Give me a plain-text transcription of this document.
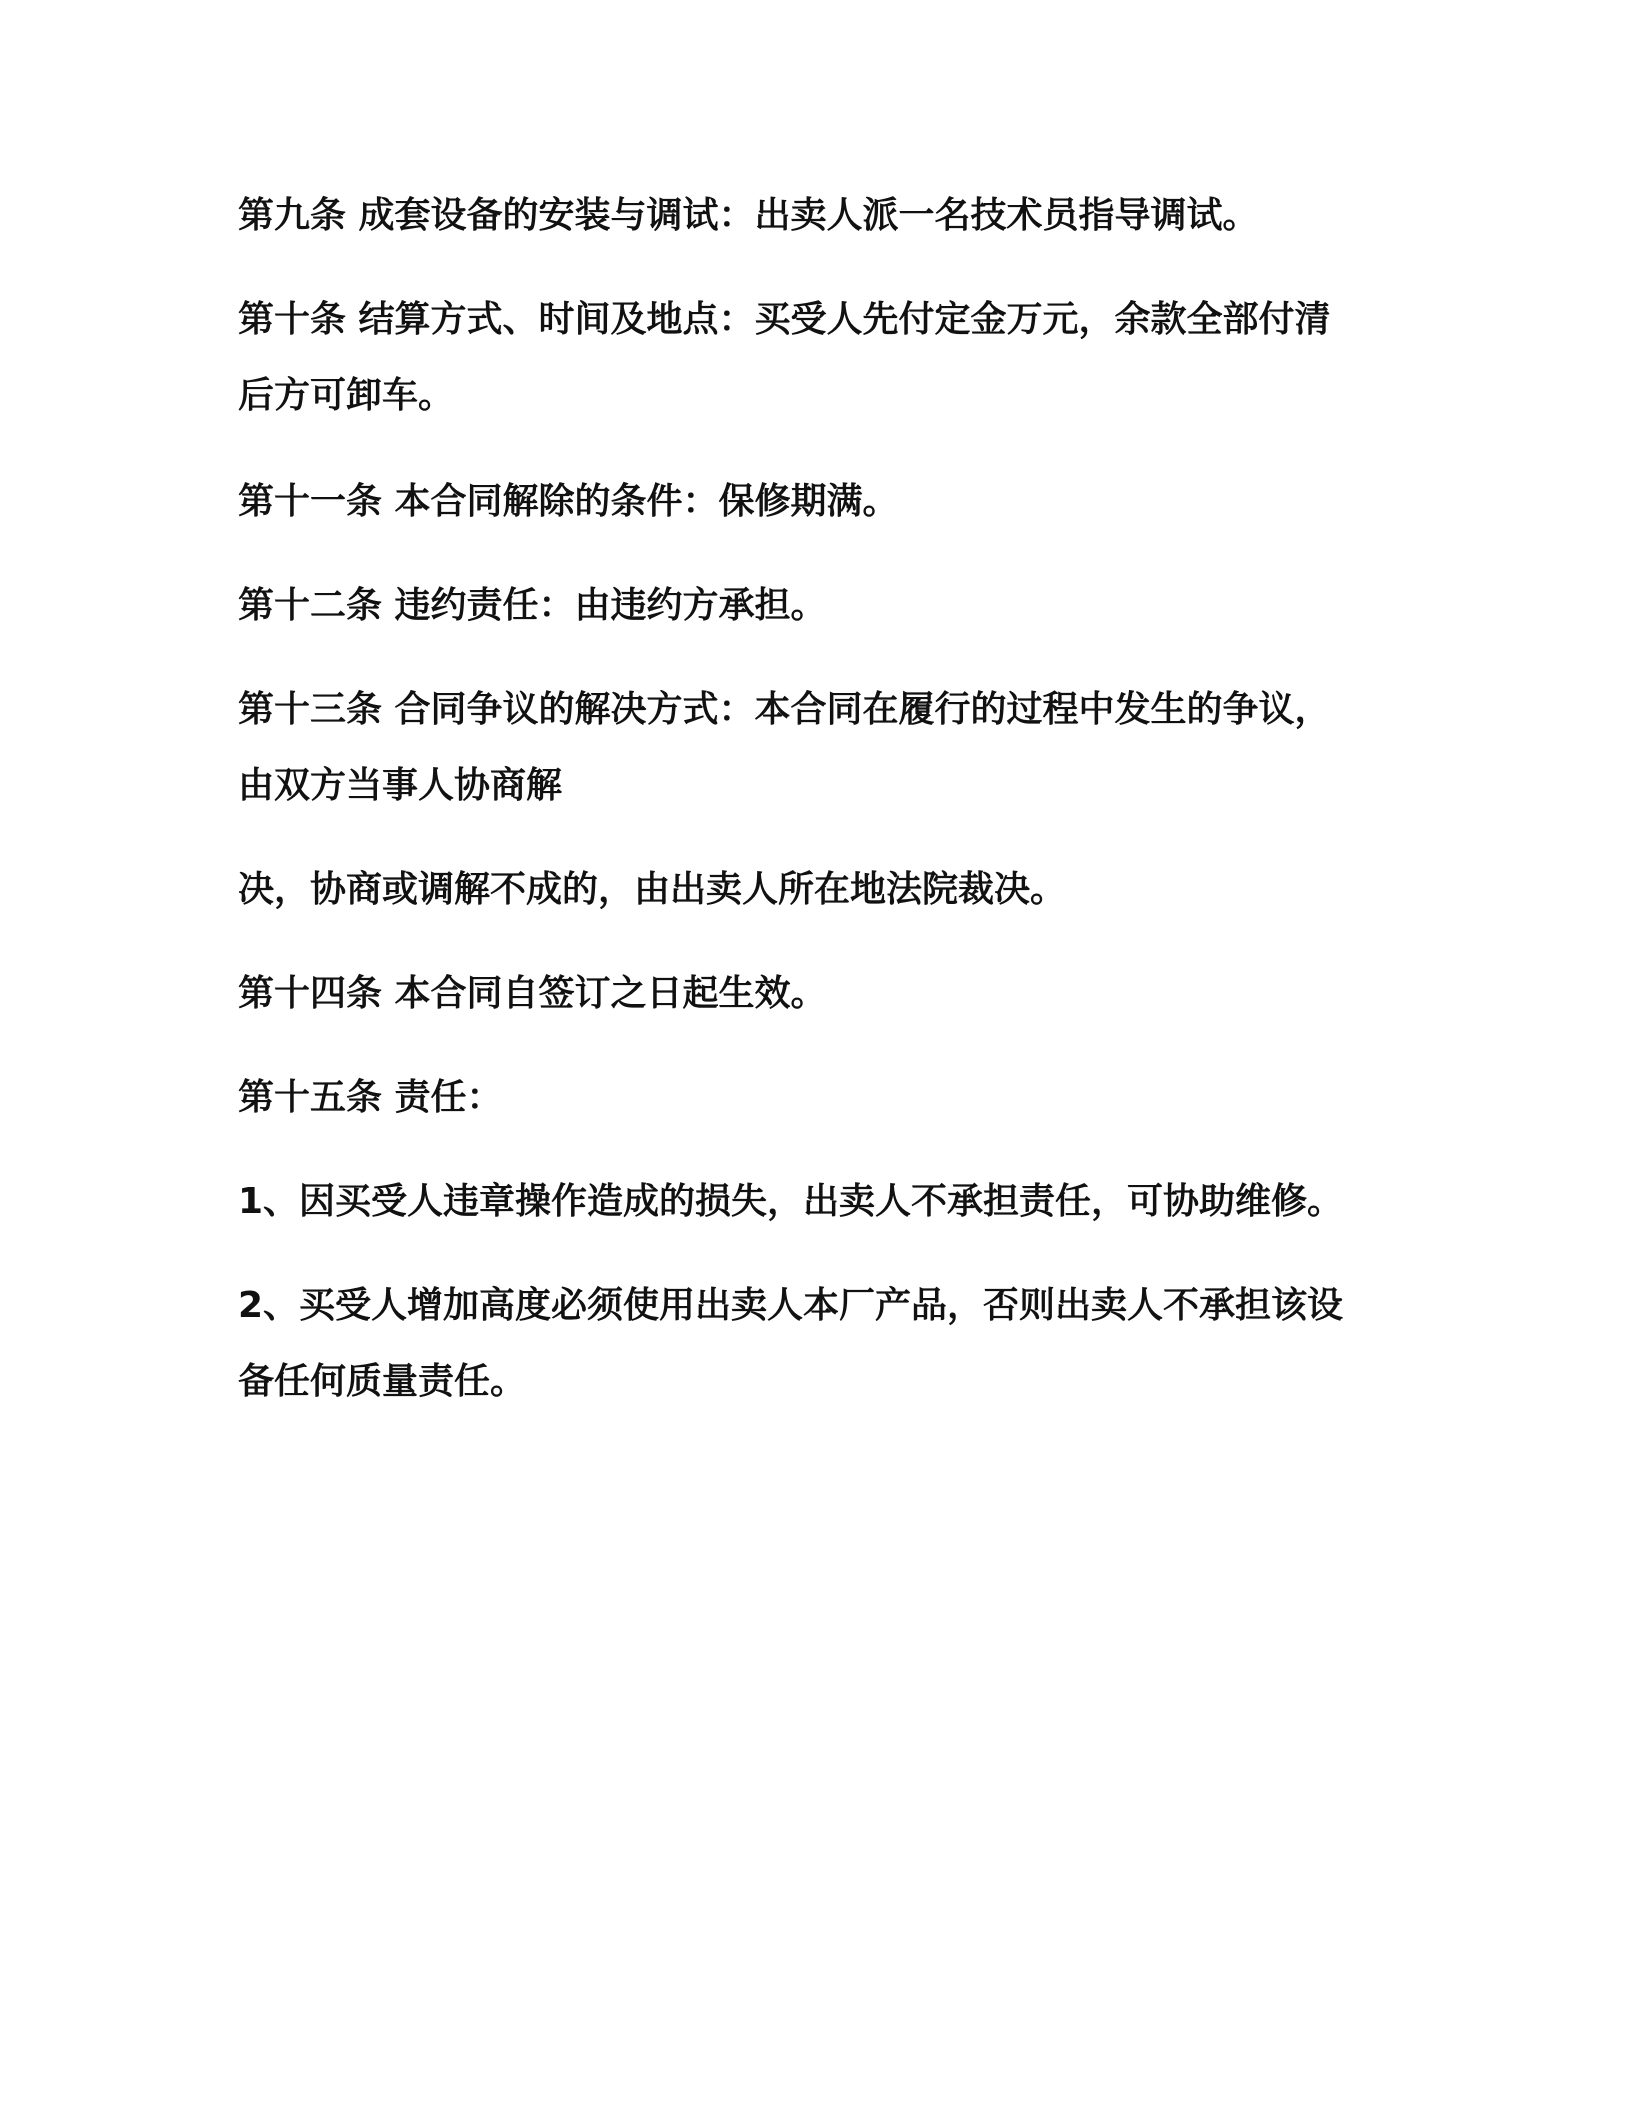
第九条 成套设备的安装与调试：出卖人派一名技术员指导调试。

第十条 结算方式、时间及地点：买受人先付定金万元，余款全部付清

后方可卸车。

第十一条 本合同解除的条件：保修期满。

第十二条 违约责任：由违约方承担。

第十三条 合同争议的解决方式：本合同在履行的过程中发生的争议，

由双方当事人协商解

决，协商或调解不成的，由出卖人所在地法院裁决。

第十四条 本合同自签订之日起生效。

第十五条 责任：

1、因买受人违章操作造成的损失，出卖人不承担责任，可协助维修。

2、买受人增加高度必须使用出卖人本厂产品，否则出卖人不承担该设

备任何质量责任。
